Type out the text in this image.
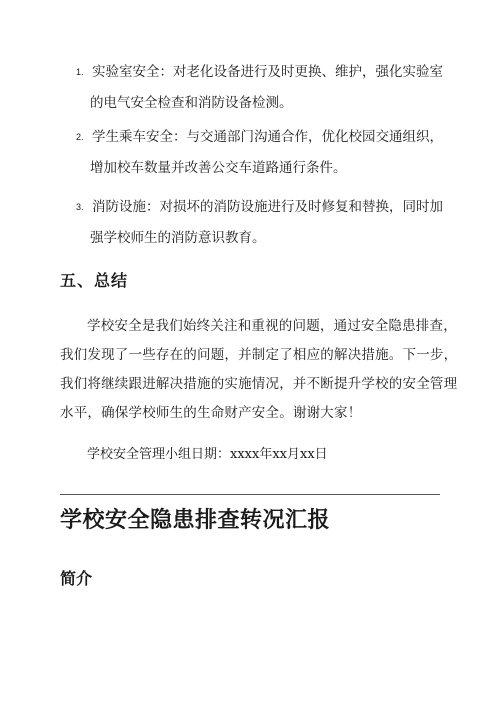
1. 实验室安全：对老化设备进行及时更换、维护，强化实验室
的电气安全检查和消防设备检测。
2. 学生乘车安全：与交通部门沟通合作，优化校园交通组织，
增加校车数量并改善公交车道路通行条件。
3. 消防设施：对损坏的消防设施进行及时修复和替换，同时加
强学校师生的消防意识教育。
五、总结
学校安全是我们始终关注和重视的问题，通过安全隐患排查，
我们发现了一些存在的问题，并制定了相应的解决措施。下一步，
我们将继续跟进解决措施的实施情况，并不断提升学校的安全管理
水平，确保学校师生的生命财产安全。谢谢大家！
学校安全管理小组日期：xxxx年xx月xx日
学校安全隐患排查转况汇报
简介
